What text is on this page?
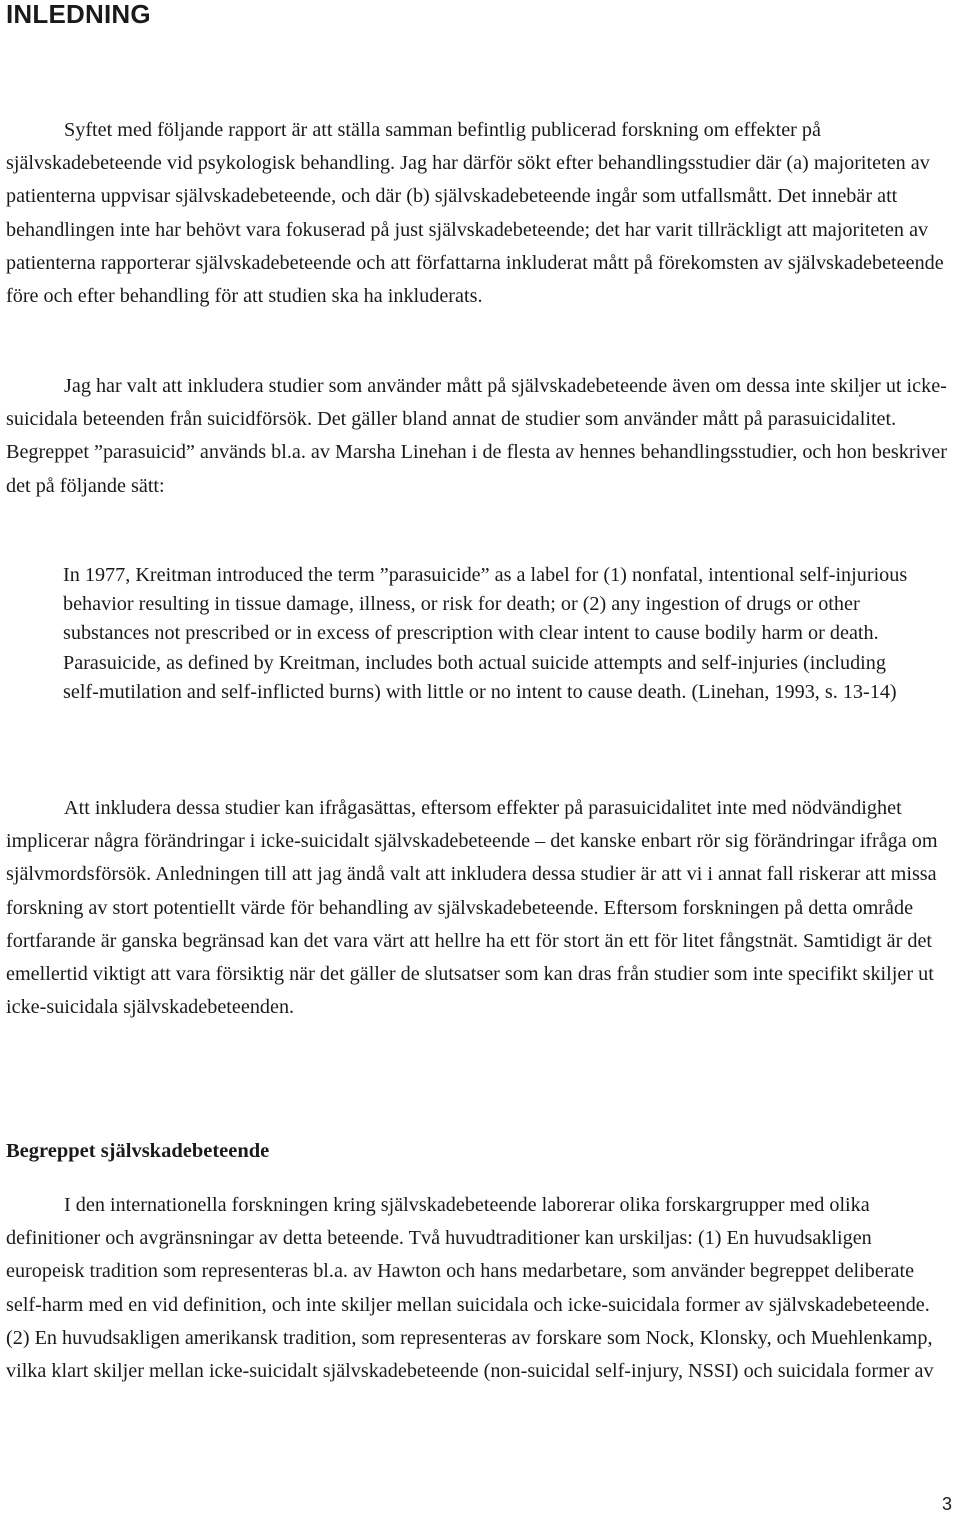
INLEDNING

Syftet med följande rapport är att ställa samman befintlig publicerad forskning om effekter på självskadebeteende vid psykologisk behandling. Jag har därför sökt efter behandlingsstudier där (a) majoriteten av patienterna uppvisar självskadebeteende, och där (b) självskadebeteende ingår som utfallsmått. Det innebär att behandlingen inte har behövt vara fokuserad på just självskadebeteende; det har varit tillräckligt att majoriteten av patienterna rapporterar självskadebeteende och att författarna inkluderat mått på förekomsten av självskadebeteende före och efter behandling för att studien ska ha inkluderats.

Jag har valt att inkludera studier som använder mått på självskadebeteende även om dessa inte skiljer ut icke-suicidala beteenden från suicidförsök. Det gäller bland annat de studier som använder mått på parasuicidalitet. Begreppet ”parasuicid” används bl.a. av Marsha Linehan i de flesta av hennes behandlingsstudier, och hon beskriver det på följande sätt:

In 1977, Kreitman introduced the term ”parasuicide” as a label for (1) nonfatal, intentional self-injurious behavior resulting in tissue damage, illness, or risk for death; or (2) any ingestion of drugs or other substances not prescribed or in excess of prescription with clear intent to cause bodily harm or death. Parasuicide, as defined by Kreitman, includes both actual suicide attempts and self-injuries (including self-mutilation and self-inflicted burns) with little or no intent to cause death. (Linehan, 1993, s. 13-14)

Att inkludera dessa studier kan ifrågasättas, eftersom effekter på parasuicidalitet inte med nödvändighet implicerar några förändringar i icke-suicidalt självskadebeteende – det kanske enbart rör sig förändringar ifråga om självmordsförsök. Anledningen till att jag ändå valt att inkludera dessa studier är att vi i annat fall riskerar att missa forskning av stort potentiellt värde för behandling av självskadebeteende. Eftersom forskningen på detta område fortfarande är ganska begränsad kan det vara värt att hellre ha ett för stort än ett för litet fångstnät. Samtidigt är det emellertid viktigt att vara försiktig när det gäller de slutsatser som kan dras från studier som inte specifikt skiljer ut icke-suicidala självskadebeteenden.

Begreppet självskadebeteende

I den internationella forskningen kring självskadebeteende laborerar olika forskargrupper med olika definitioner och avgränsningar av detta beteende. Två huvudtraditioner kan urskiljas: (1) En huvudsakligen europeisk tradition som representeras bl.a. av Hawton och hans medarbetare, som använder begreppet deliberate self-harm med en vid definition, och inte skiljer mellan suicidala och icke-suicidala former av självskadebeteende. (2) En huvudsakligen amerikansk tradition, som representeras av forskare som Nock, Klonsky, och Muehlenkamp, vilka klart skiljer mellan icke-suicidalt självskadebeteende (non-suicidal self-injury, NSSI) och suicidala former av

3
